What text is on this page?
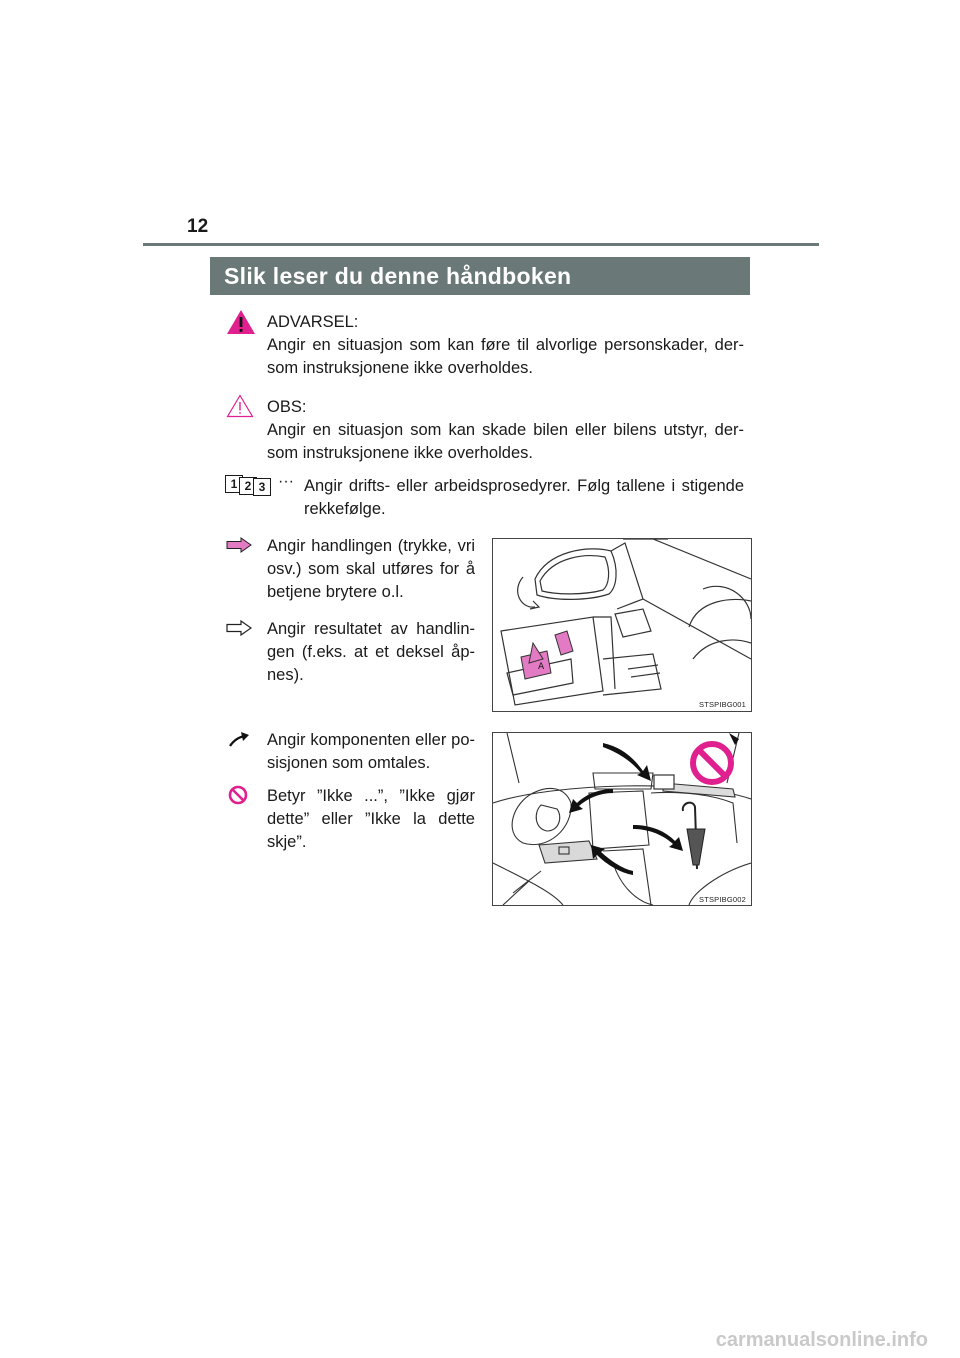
12
Slik leser du denne håndboken
ADVARSEL:
Angir en situasjon som kan føre til alvorlige personskader, der-som instruksjonene ikke overholdes.
OBS:
Angir en situasjon som kan skade bilen eller bilens utstyr, der-som instruksjonene ikke overholdes.
1 2 3 ··· Angir drifts- eller arbeidsprosedyrer. Følg tallene i stigende rekkefølge.
Angir handlingen (trykke, vri osv.) som skal utføres for å betjene brytere o.l.
Angir resultatet av handlin-gen (f.eks. at et deksel åp-nes).	A
STSPIBG001
Angir komponenten eller po-sisjonen som omtales.
Betyr ”Ikke ...”, ”Ikke gjør dette” eller ”Ikke la dette skje”.
STSPIBG002
carmanualsonline.info
